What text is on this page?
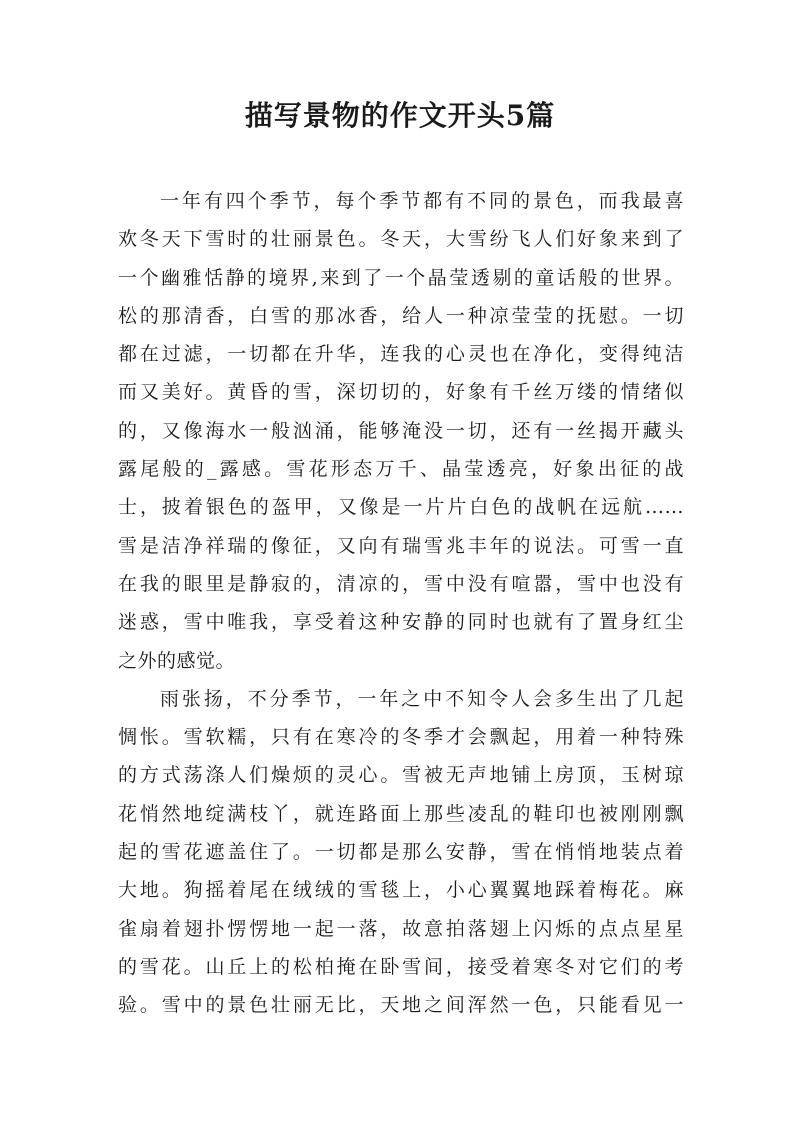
描写景物的作文开头5篇
一年有四个季节，每个季节都有不同的景色，而我最喜
欢冬天下雪时的壮丽景色。冬天，大雪纷飞人们好象来到了
一个幽雅恬静的境界,来到了一个晶莹透剔的童话般的世界。
松的那清香，白雪的那冰香，给人一种凉莹莹的抚慰。一切
都在过滤，一切都在升华，连我的心灵也在净化，变得纯洁
而又美好。黄昏的雪，深切切的，好象有千丝万缕的情绪似
的，又像海水一般汹涌，能够淹没一切，还有一丝揭开藏头
露尾般的_露感。雪花形态万千、晶莹透亮，好象出征的战
士，披着银色的盔甲，又像是一片片白色的战帆在远航……
雪是洁净祥瑞的像征，又向有瑞雪兆丰年的说法。可雪一直
在我的眼里是静寂的，清凉的，雪中没有喧嚣，雪中也没有
迷惑，雪中唯我，享受着这种安静的同时也就有了置身红尘
之外的感觉。
雨张扬，不分季节，一年之中不知令人会多生出了几起
惆怅。雪软糯，只有在寒冷的冬季才会飘起，用着一种特殊
的方式荡涤人们燥烦的灵心。雪被无声地铺上房顶，玉树琼
花悄然地绽满枝丫，就连路面上那些凌乱的鞋印也被刚刚飘
起的雪花遮盖住了。一切都是那么安静，雪在悄悄地装点着
大地。狗摇着尾在绒绒的雪毯上，小心翼翼地踩着梅花。麻
雀扇着翅扑愣愣地一起一落，故意拍落翅上闪烁的点点星星
的雪花。山丘上的松柏掩在卧雪间，接受着寒冬对它们的考
验。雪中的景色壮丽无比，天地之间浑然一色，只能看见一
